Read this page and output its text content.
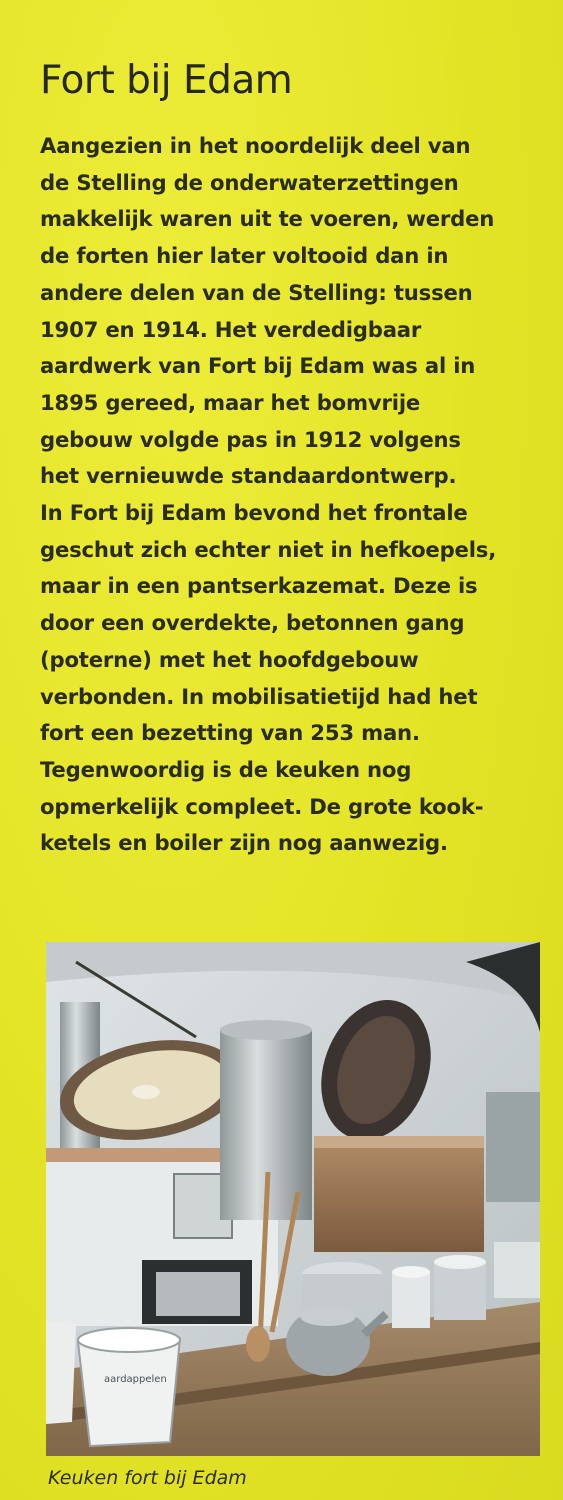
Fort bij Edam
Aangezien in het noordelijk deel van
de Stelling de onderwaterzettingen
makkelijk waren uit te voeren, werden
de forten hier later voltooid dan in
andere delen van de Stelling: tussen
1907 en 1914. Het verdedigbaar
aardwerk van Fort bij Edam was al in
1895 gereed, maar het bomvrije
gebouw volgde pas in 1912 volgens
het vernieuwde standaardontwerp.
In Fort bij Edam bevond het frontale
geschut zich echter niet in hefkoepels,
maar in een pantserkazemat. Deze is
door een overdekte, betonnen gang
(poterne) met het hoofdgebouw
verbonden. In mobilisatietijd had het
fort een bezetting van 253 man.
Tegenwoordig is de keuken nog
opmerkelijk compleet. De grote kook-
ketels en boiler zijn nog aanwezig.
aardappelen
Keuken fort bij Edam
